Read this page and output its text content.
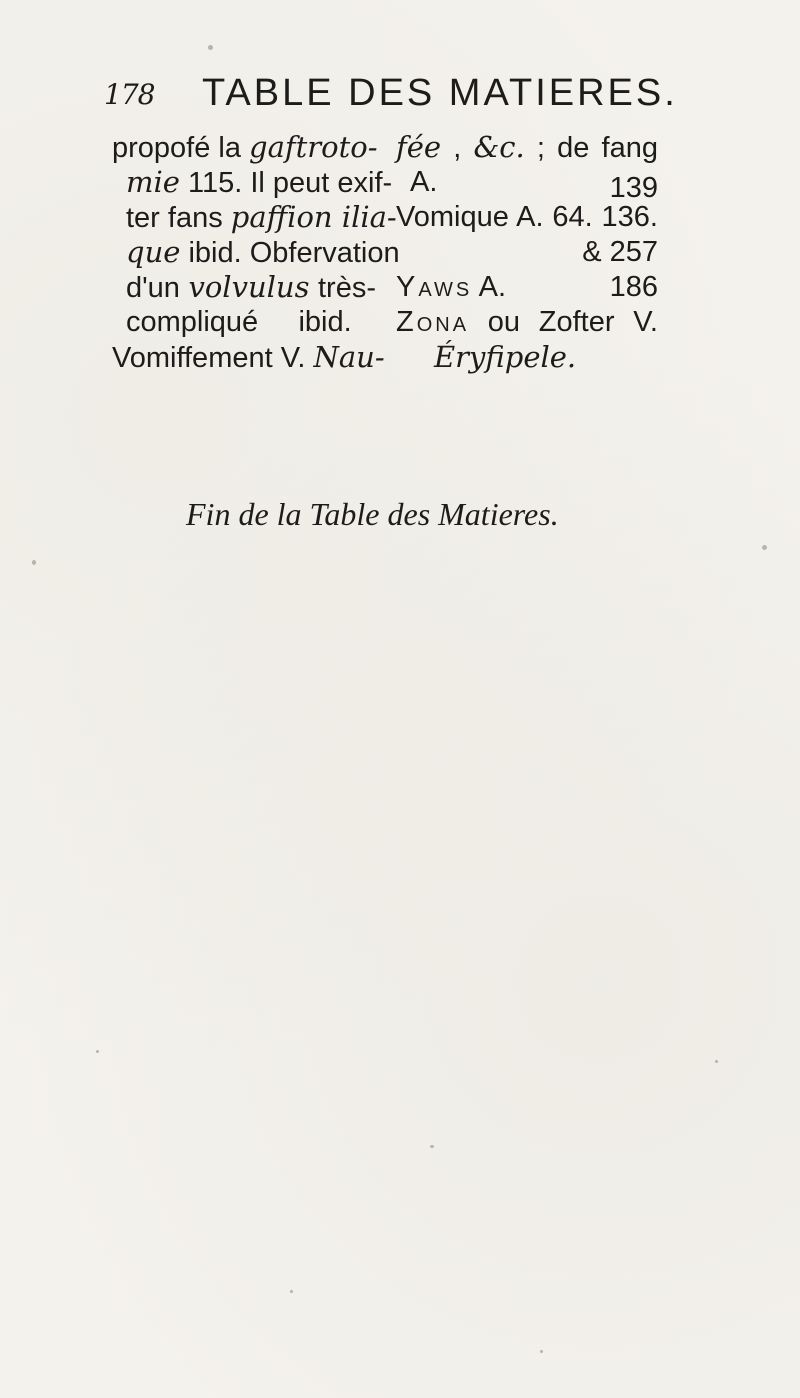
178 TABLE DES MATIERES.
propofé la gaftroto-
mie 115. Il peut exif-
ter fans paffion ilia-
que ibid. Obfervation
d'un volvulus très-
compliqué     ibid.
Vomiffement V. Nau-
fée , &c. ; de fang
A.	139
Vomique A. 64. 136.
& 257
Yaws A.	186
Zona ou Zofter V.
Éryfipele.
Fin de la Table des Matieres.
